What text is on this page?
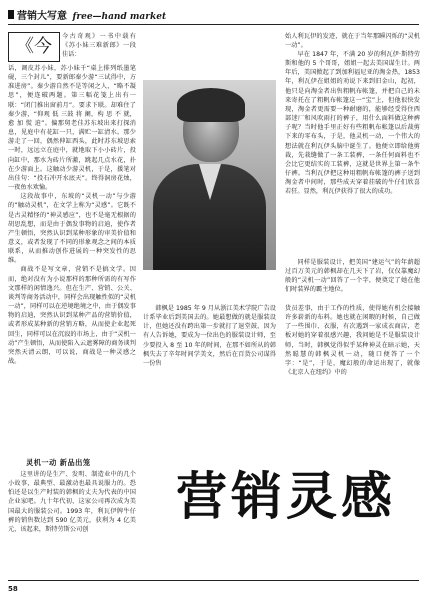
营销大写意 free—hand market
《今	今古奇观》一书中载有《苏小妹三难新郎》一段佳话：

话，调皮苏小妹，苏小妹千“桌上排列纸墨笔砚，三个封儿”，要新郎秦少游“三试得中，方准进房”。秦少游自然不是等闲之人，“略不凝思”，便连破两题。第三幅花笺上出有一联：“闭门推出窗前月”。要求下联。却难住了秦少游，“仰观 低 三鼓 将 阑，构 思 不 就，愈 加 慌 迫”。偏那舅老佳苏东坡出来打探消息，见庭中有花缸一只，满贮一缸清水。那少游走了一回，偶然伸缸西头，此时苏东坡思索一时，远远立在庭中，就地取下小小砖片，投向缸中，那水为砖片所激，跳起几点水花，扑在少游面上。这触动少游灵机，于是，援笔对出佳句：“投石冲开水底天”。终得洞房花烛，一夜鱼水欢愉。

这段故事中，东坡的“灵机一动”与少游的“触动灵机”，在文学上称为“灵感”。它既不是古灵精怪的“神灵感应”，也不是毫无根据的胡思乱想，而是由于偶发事物的启迪，使作者产生顿悟，突然认识到某种形象的审美价值和意义，或者发现了不同的形象观念之间的本质联系，从而推动创作进展的一种突发性的思维。

商战不是写文章，营销不是搞文学。因而，绝对没有为小说那样的那种所需的有写作文那样的闲情逸兴。但在生产、营销、公关、谈判等商务活动中，同样会出现触性似的“灵机一动”，同样可以在逆境绝境之中，由于偶发事物的启迪，突然认识到某种产品的营销价值，或者形成某种新的营销方略，从而使企业起死回生，同样可以在沉寂的市场上，由于“灵机一动”产生顿悟，从而使陷入云遮雾障的商务谈判突然天清云朗，可以说，商战是一种灵感之战。

灵机一动 新品出笼

这里讲的是生产、发明、制造业中的几个小故事，最典型、最激动也最具说服力的。恐怕还是以生产时装的韩枫的丈夫为代表的中国企业家吧。九十年代初，这家公司再次成为美国最大的服装公司。1993 年，利瓦伊牌牛仔裤的销售数达到 590 亿美元，获利为 4 亿美元，该起来，斯特劳斯公司创

始人利瓦伊的发迹，就在于当年那瞬闪烁的“灵机一动”。

早在 1847 年，不满 20 岁的利瓦伊·斯特劳斯和他的 5 个哥哥，姐姐一起去美国谋生计。两年后，美国掀起了到加利福尼亚的淘金热，1853 年，利瓦伊在姐姐的劝说下来到旧金山，起初，他只是向淘金者出售粗帆布帐篷，并把自己的未来寄托在了粗帆布帐篷这一“宝”上，但他很快发现，淘金者更需要一种耐磨的，能够经受得住西部迷厂和风吹雨打的裤子，用什么面料做这种裤子呢？当时他手里正好有些粗帆布帐篷以后裁剪下来的零布头，于是，他灵机一动，一个伟大的想法就在利瓦伊头脑中诞生了。他便立即给他剪裁，先栽缝做了一条工装裤，一条任何面料也不会比它更结实的工装裤，这就是世界上第一条牛仔裤。当利瓦伊把这种用粗帆布帐篷的裤子送到淘金者中间时，那些成天穿着挂破的牛仔们欣喜若狂。显然，利瓦伊获得了很大的成功。

同样是服装设计，把美国“建运气”的年薪超过百万美元的韩枫却在几天下了岩，仅仅靠魔幻般的“灵机一动”回答了一个字，便奠定了她在他们时装界的霸主地位。

韩枫是 1985 年 9 月从浙江美术学院广告设计系毕业后到美国去的。她最想做的就是服装设计，但她还没有跨出第一步就打了退堂鼓，因为有人告诉她，要成为一位出色的服装设计师，至少要投入 8 至 10 年的时间，在那不如所从的韩枫失去了辛年时间学美文，然后在百货公司谋得一份售

货员差事，由于工作的性质，使得她有机会接触许多崭新的布料。她也就在闲暇的时候，自己做了一些围巾、衣服，有次遇到一家成衣商店，老板对她的穿着很感兴趣，我问她是不是服装设计师，当时，韩枫觉得似乎某种神灵在暗示她，天然聪慧的韩枫灵机一动，随口便答了一个字：“是”，于是，魔幻般的命运出现了，就像《北京人在纽约》中的

营销灵感
58
